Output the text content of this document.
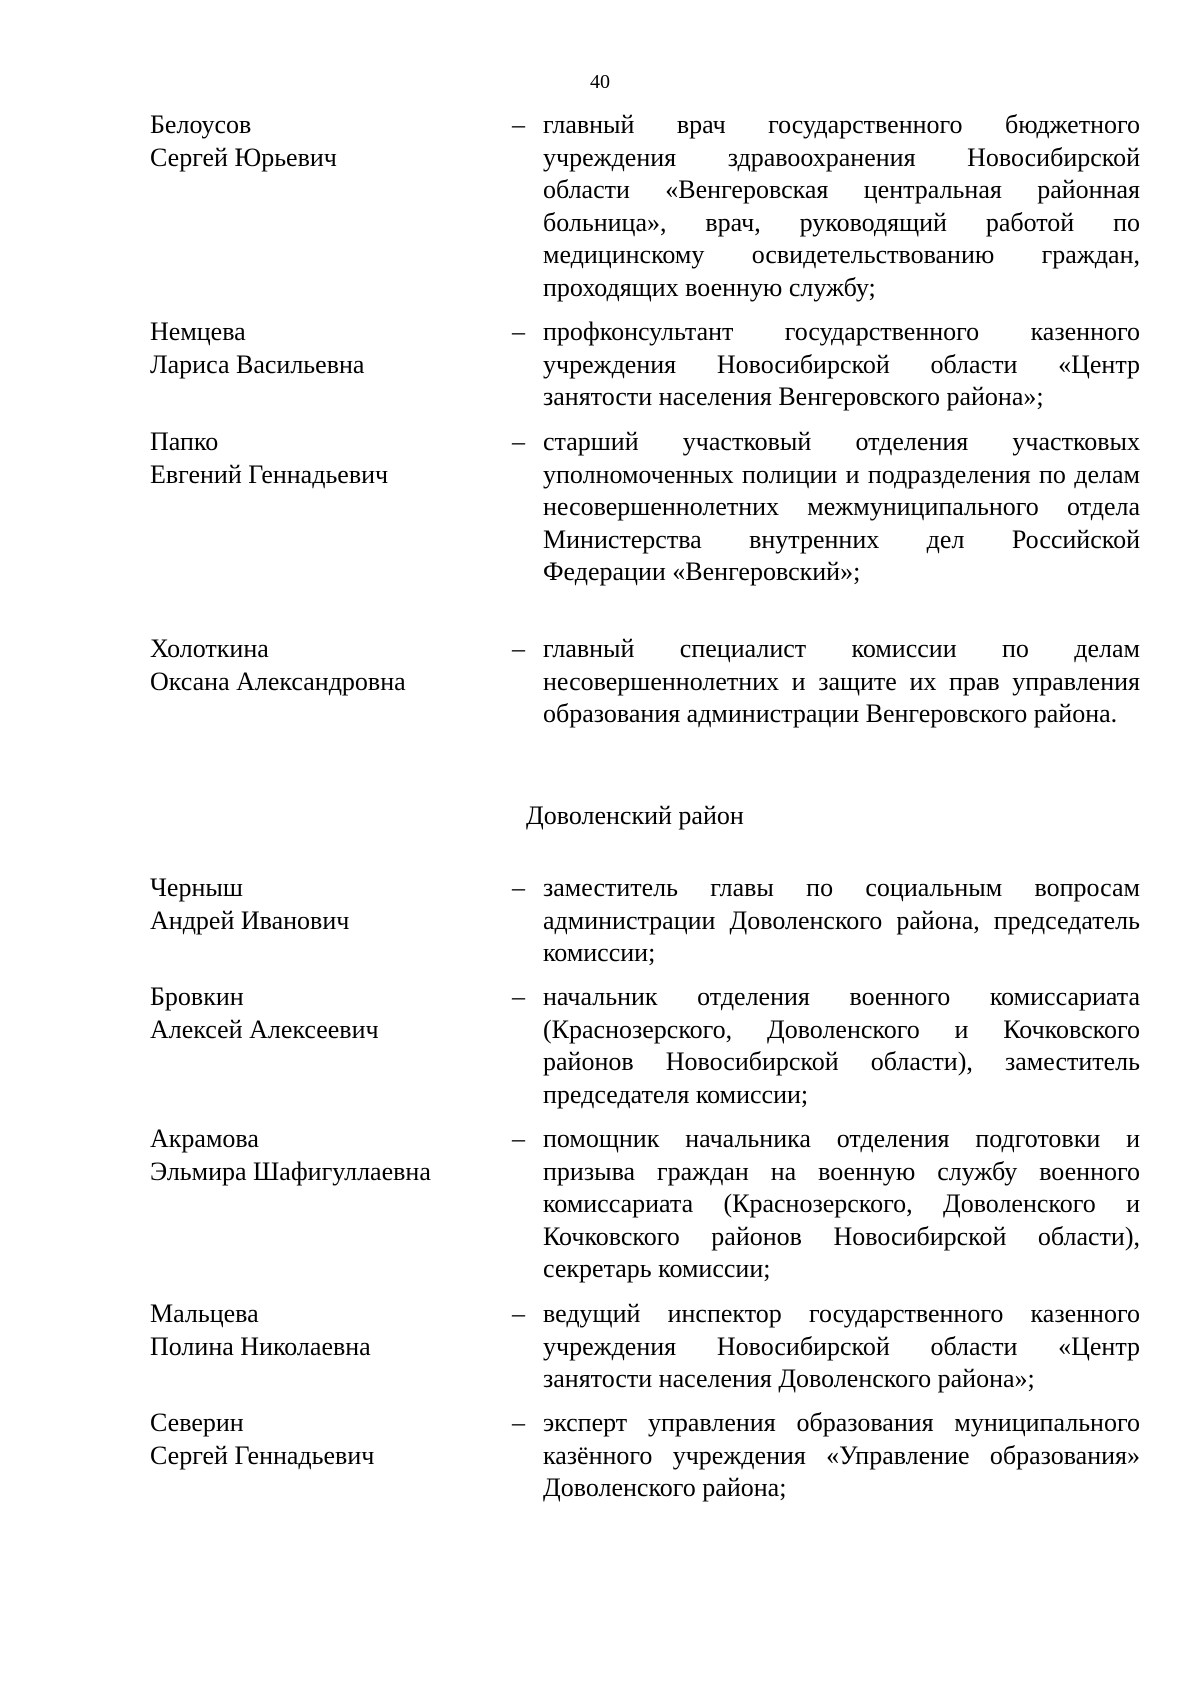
40
Белоусов
Сергей Юрьевич
– главный врач государственного бюджетного учреждения здравоохранения Новосибирской области «Венгеровская центральная районная больница», врач, руководящий работой по медицинскому освидетельствованию граждан, проходящих военную службу;
Немцева
Лариса Васильевна
– профконсультант государственного казенного учреждения Новосибирской области «Центр занятости населения Венгеровского района»;
Папко
Евгений Геннадьевич
– старший участковый отделения участковых уполномоченных полиции и подразделения по делам несовершеннолетних межмуниципального отдела Министерства внутренних дел Российской Федерации «Венгеровский»;
Холоткина
Оксана Александровна
– главный специалист комиссии по делам несовершеннолетних и защите их прав управления образования администрации Венгеровского района.
Доволенский район
Черныш
Андрей Иванович
– заместитель главы по социальным вопросам администрации Доволенского района, председатель комиссии;
Бровкин
Алексей Алексеевич
– начальник отделения военного комиссариата (Краснозерского, Доволенского и Кочковского районов Новосибирской области), заместитель председателя комиссии;
Акрамова
Эльмира Шафигуллаевна
– помощник начальника отделения подготовки и призыва граждан на военную службу военного комиссариата (Краснозерского, Доволенского и Кочковского районов Новосибирской области), секретарь комиссии;
Мальцева
Полина Николаевна
– ведущий инспектор государственного казенного учреждения Новосибирской области «Центр занятости населения Доволенского района»;
Северин
Сергей Геннадьевич
– эксперт управления образования муниципального казённого учреждения «Управление образования» Доволенского района;
